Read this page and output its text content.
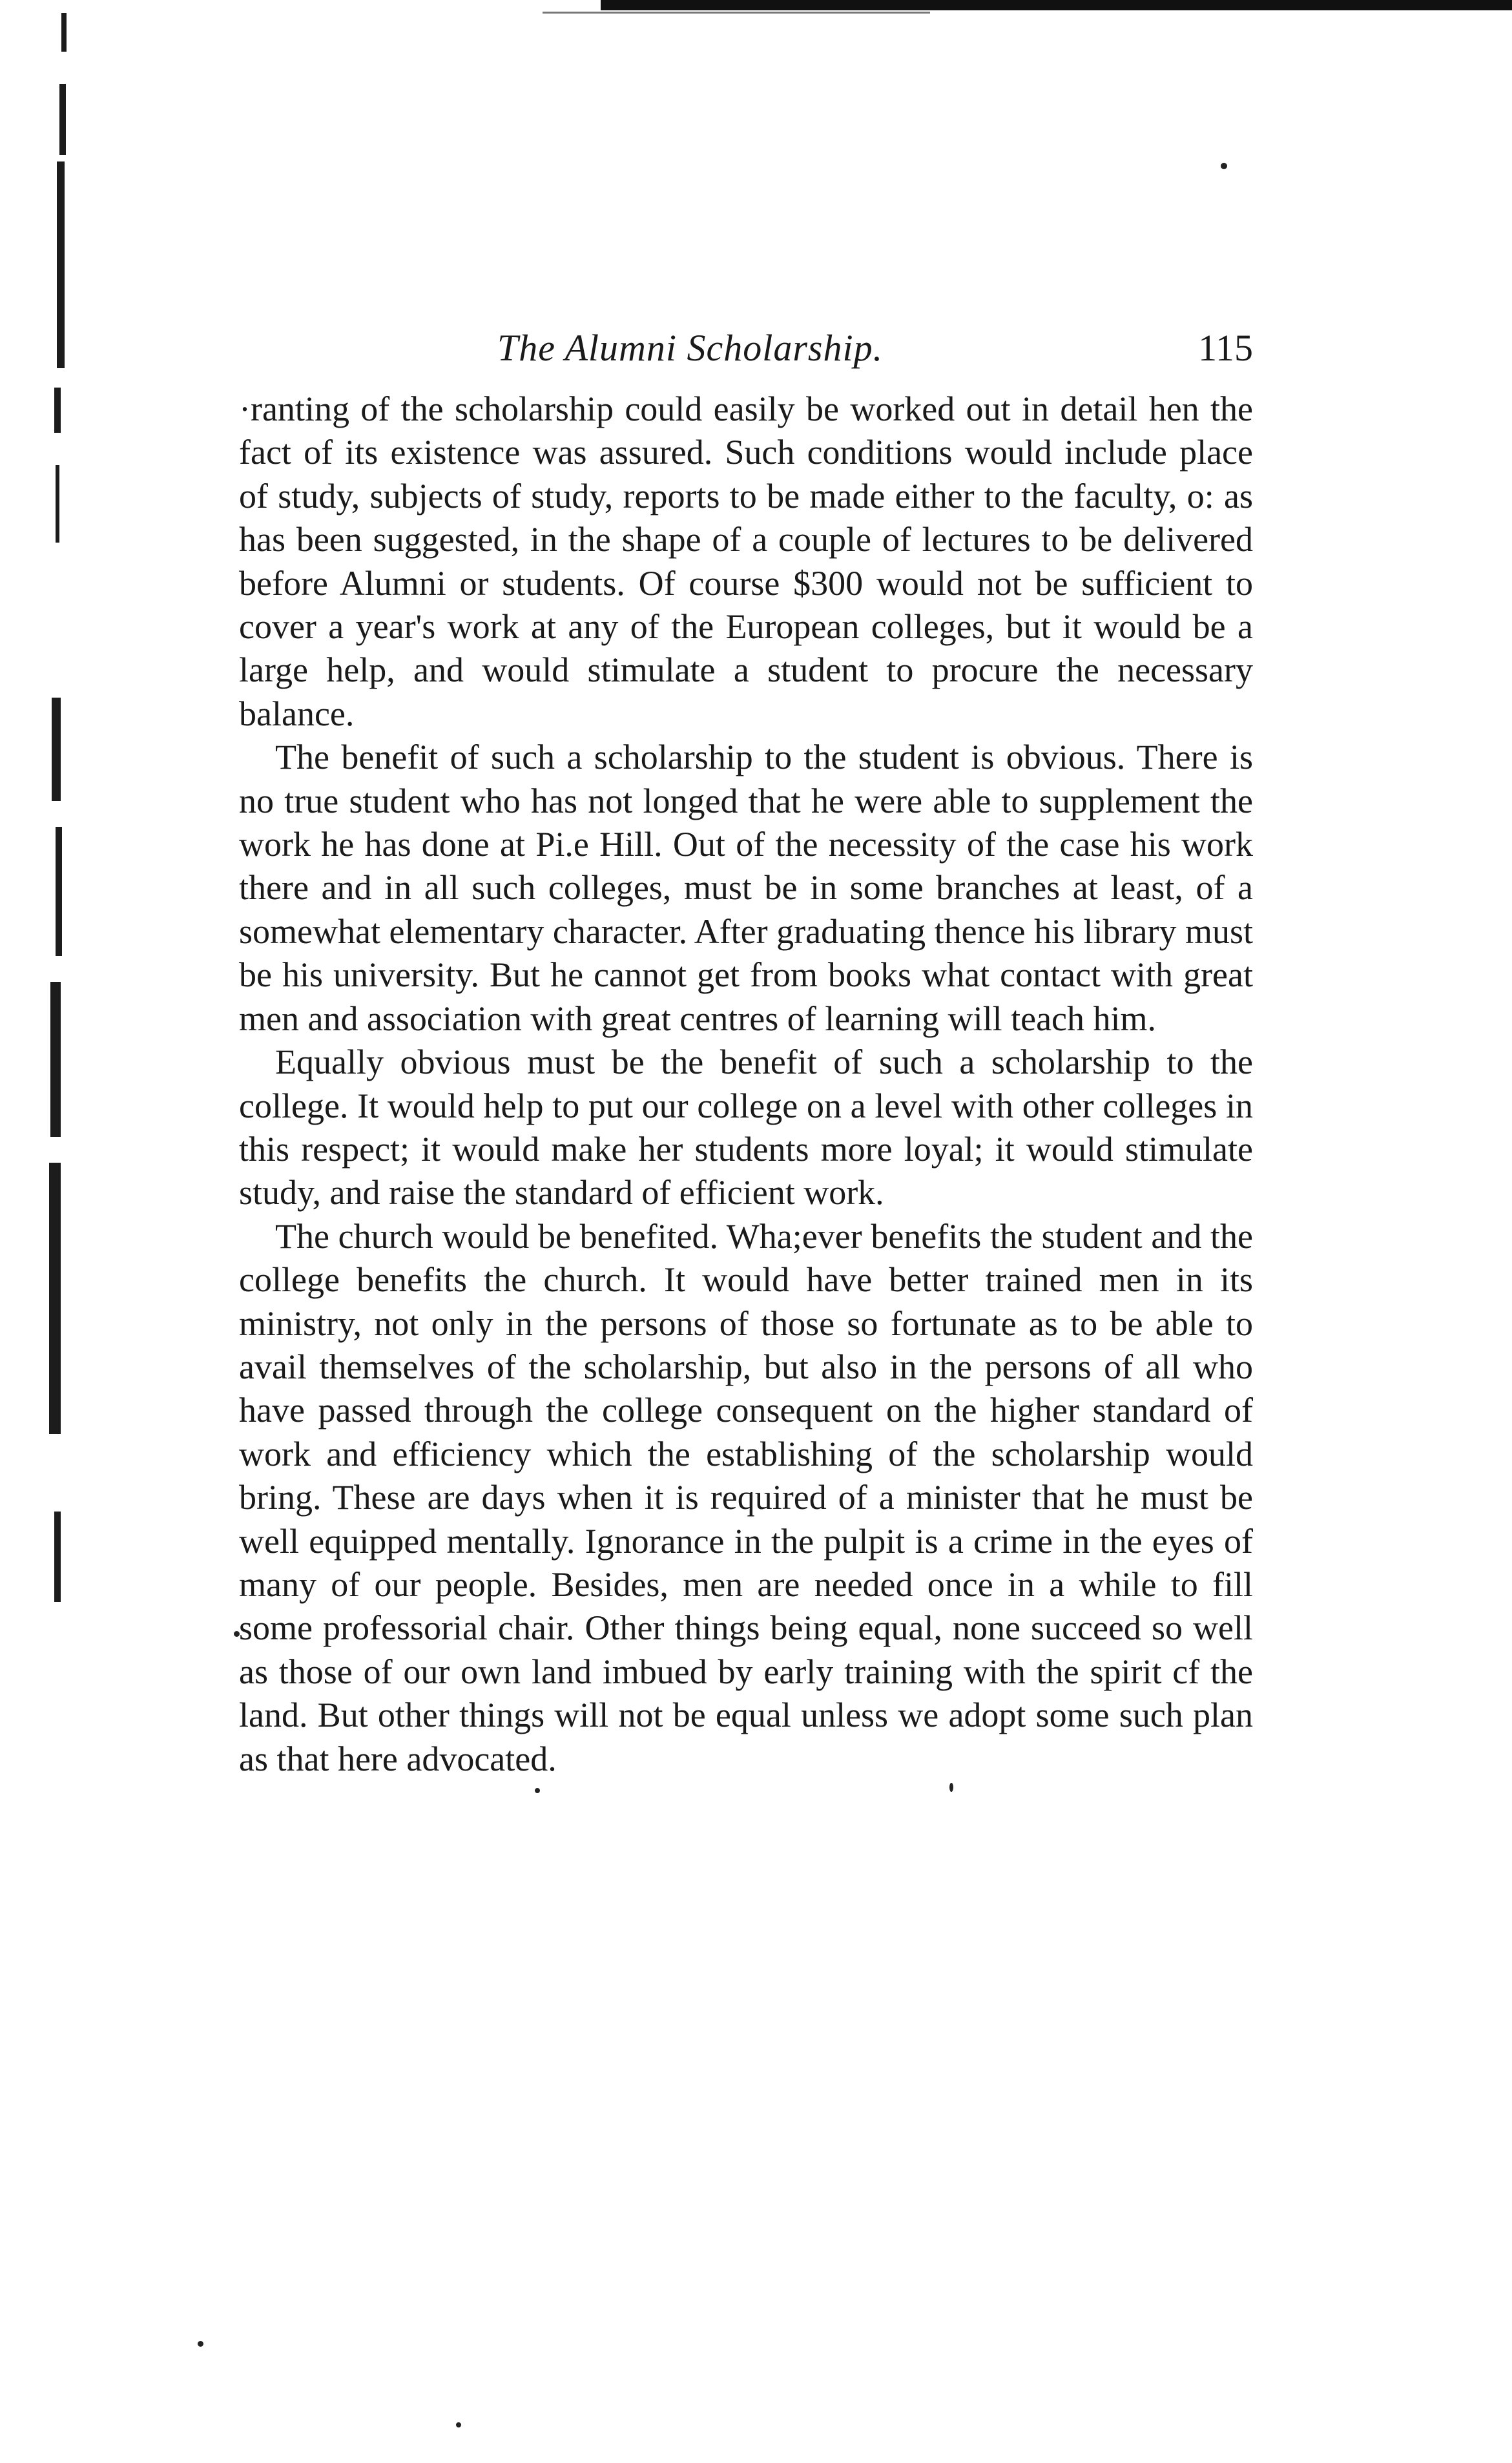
The Alumni Scholarship.	115

·ranting of the scholarship could easily be worked out in detail hen the fact of its existence was assured. Such conditions would include place of study, subjects of study, reports to be made either to the faculty, o: as has been suggested, in the shape of a couple of lectures to be delivered before Alumni or students. Of course $300 would not be sufficient to cover a year's work at any of the European colleges, but it would be a large help, and would stimulate a student to procure the necessary balance.

The benefit of such a scholarship to the student is obvious. There is no true student who has not longed that he were able to supplement the work he has done at Pi.e Hill. Out of the necessity of the case his work there and in all such colleges, must be in some branches at least, of a somewhat elementary character. After graduating thence his library must be his university. But he cannot get from books what contact with great men and association with great centres of learning will teach him.

Equally obvious must be the benefit of such a scholarship to the college. It would help to put our college on a level with other colleges in this respect; it would make her students more loyal; it would stimulate study, and raise the standard of efficient work.

The church would be benefited. Wha;ever benefits the student and the college benefits the church. It would have better trained men in its ministry, not only in the persons of those so fortunate as to be able to avail themselves of the scholarship, but also in the persons of all who have passed through the college consequent on the higher standard of work and efficiency which the establishing of the scholarship would bring. These are days when it is required of a minister that he must be well equipped mentally. Ignorance in the pulpit is a crime in the eyes of many of our people. Besides, men are needed once in a while to fill some professorial chair. Other things being equal, none succeed so well as those of our own land imbued by early training with the spirit cf the land. But other things will not be equal unless we adopt some such plan as that here advocated.
